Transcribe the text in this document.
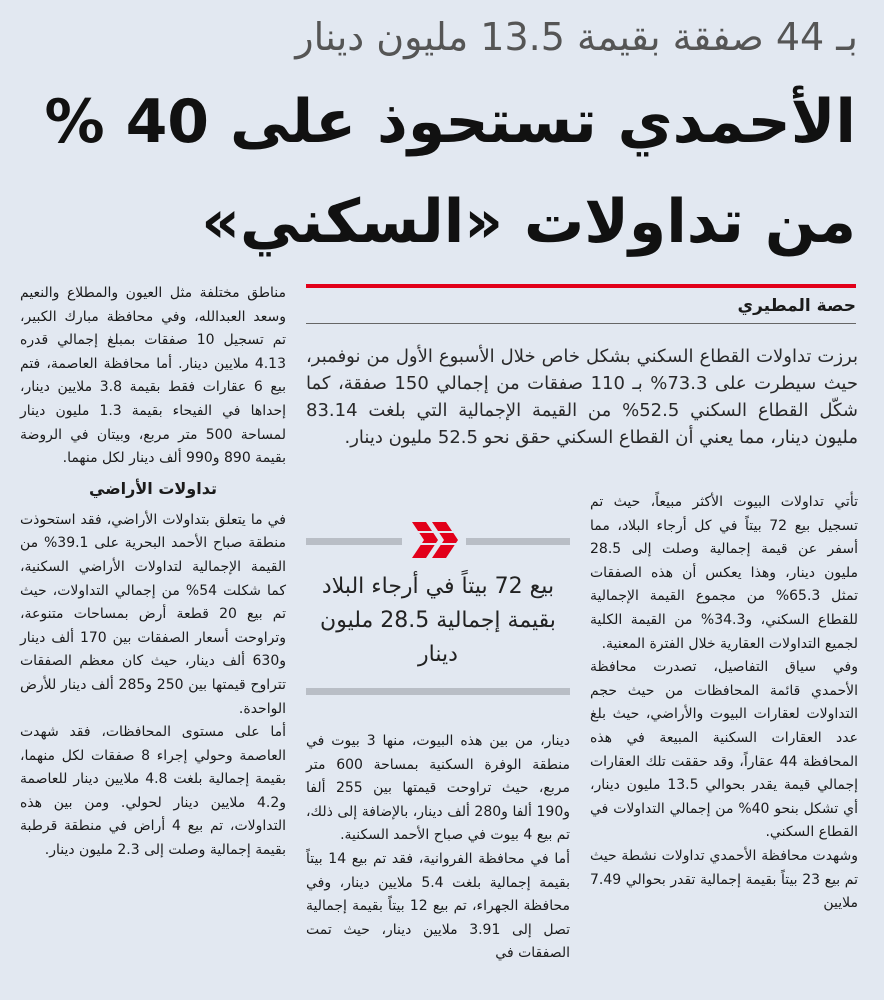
بـ 44 صفقة بقيمة 13.5 مليون دينار
الأحمدي تستحوذ على 40 %
من تداولات «السكني»
حصة المطيري

برزت تداولات القطاع السكني بشكل خاص خلال الأسبوع الأول من نوفمبر، حيث سيطرت على 73.3% بـ 110 صفقات من إجمالي 150 صفقة، كما شكّل القطاع السكني 52.5% من القيمة الإجمالية التي بلغت 83.14 مليون دينار، مما يعني أن القطاع السكني حقق نحو 52.5 مليون دينار.

بيع 72 بيتاً في أرجاء البلاد بقيمة إجمالية 28.5 مليون دينار

تأتي تداولات البيوت الأكثر مبيعاً، حيث تم تسجيل بيع 72 بيتاً في كل أرجاء البلاد، مما أسفر عن قيمة إجمالية وصلت إلى 28.5 مليون دينار، وهذا يعكس أن هذه الصفقات تمثل 65.3% من مجموع القيمة الإجمالية للقطاع السكني، و34.3% من القيمة الكلية لجميع التداولات العقارية خلال الفترة المعنية.

وفي سياق التفاصيل، تصدرت محافظة الأحمدي قائمة المحافظات من حيث حجم التداولات لعقارات البيوت والأراضي، حيث بلغ عدد العقارات السكنية المبيعة في هذه المحافظة 44 عقاراً، وقد حققت تلك العقارات إجمالي قيمة يقدر بحوالي 13.5 مليون دينار، أي تشكل بنحو 40% من إجمالي التداولات في القطاع السكني.

وشهدت محافظة الأحمدي تداولات نشطة حيث تم بيع 23 بيتاً بقيمة إجمالية تقدر بحوالي 7.49 ملايين

دينار، من بين هذه البيوت، منها 3 بيوت في منطقة الوفرة السكنية بمساحة 600 متر مربع، حيث تراوحت قيمتها بين 255 ألفا و190 ألفا و280 ألف دينار، بالإضافة إلى ذلك، تم بيع 4 بيوت في صباح الأحمد السكنية.

أما في محافظة الفروانية، فقد تم بيع 14 بيتاً بقيمة إجمالية بلغت 5.4 ملايين دينار، وفي محافظة الجهراء، تم بيع 12 بيتاً بقيمة إجمالية تصل إلى 3.91 ملايين دينار، حيث تمت الصفقات في

مناطق مختلفة مثل العيون والمطلاع والنعيم وسعد العبدالله، وفي محافظة مبارك الكبير، تم تسجيل 10 صفقات بمبلغ إجمالي قدره 4.13 ملايين دينار. أما محافظة العاصمة، فتم بيع 6 عقارات فقط بقيمة 3.8 ملايين دينار، إحداها في الفيحاء بقيمة 1.3 مليون دينار لمساحة 500 متر مربع، وبيتان في الروضة بقيمة 890 و990 ألف دينار لكل منهما.

تداولات الأراضي

في ما يتعلق بتداولات الأراضي، فقد استحوذت منطقة صباح الأحمد البحرية على 39.1% من القيمة الإجمالية لتداولات الأراضي السكنية، كما شكلت 54% من إجمالي التداولات، حيث تم بيع 20 قطعة أرض بمساحات متنوعة، وتراوحت أسعار الصفقات بين 170 ألف دينار و630 ألف دينار، حيث كان معظم الصفقات تتراوح قيمتها بين 250 و285 ألف دينار للأرض الواحدة.

أما على مستوى المحافظات، فقد شهدت العاصمة وحولي إجراء 8 صفقات لكل منهما، بقيمة إجمالية بلغت 4.8 ملايين دينار للعاصمة و4.2 ملايين دينار لحولي. ومن بين هذه التداولات، تم بيع 4 أراض في منطقة قرطبة بقيمة إجمالية وصلت إلى 2.3 مليون دينار.
